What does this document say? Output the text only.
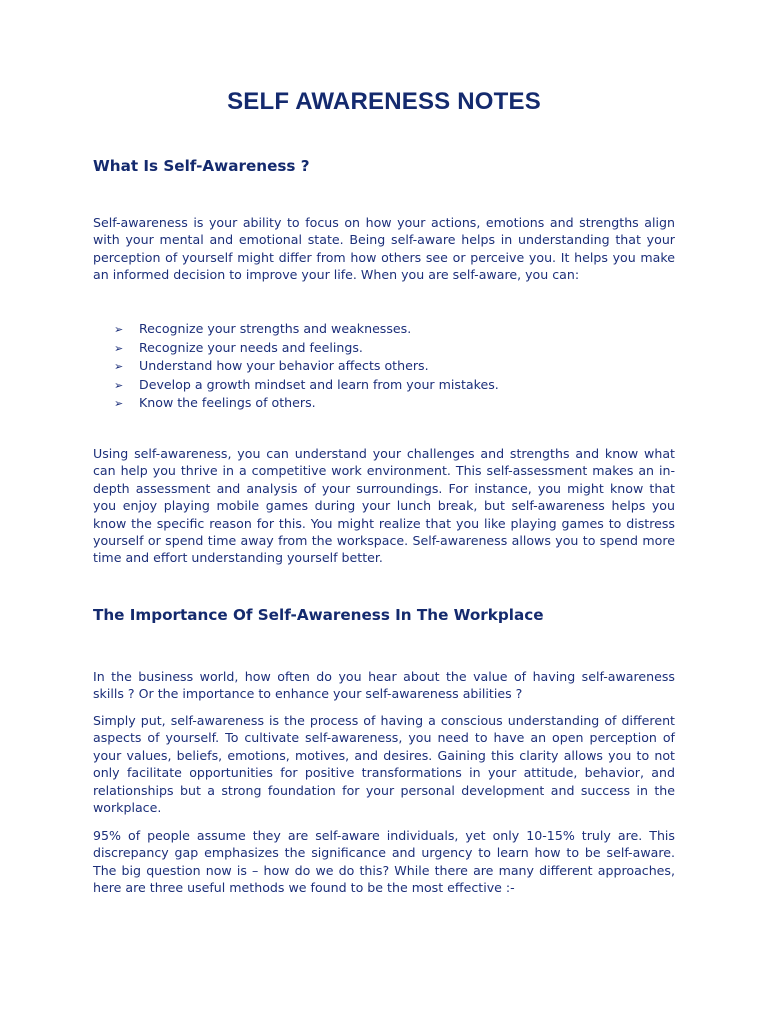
SELF AWARENESS NOTES
What Is Self-Awareness ?

Self-awareness is your ability to focus on how your actions, emotions and strengths align with your mental and emotional state. Being self-aware helps in understanding that your perception of yourself might differ from how others see or perceive you. It helps you make an informed decision to improve your life. When you are self-aware, you can:

➢	Recognize your strengths and weaknesses.
➢	Recognize your needs and feelings.
➢	Understand how your behavior affects others.
➢	Develop a growth mindset and learn from your mistakes.
➢	Know the feelings of others.

Using self-awareness, you can understand your challenges and strengths and know what can help you thrive in a competitive work environment. This self-assessment makes an in-depth assessment and analysis of your surroundings. For instance, you might know that you enjoy playing mobile games during your lunch break, but self-awareness helps you know the specific reason for this. You might realize that you like playing games to distress yourself or spend time away from the workspace. Self-awareness allows you to spend more time and effort understanding yourself better.

The Importance Of Self-Awareness In The Workplace

In the business world, how often do you hear about the value of having self-awareness skills ? Or the importance to enhance your self-awareness abilities ?

Simply put, self-awareness is the process of having a conscious understanding of different aspects of yourself. To cultivate self-awareness, you need to have an open perception of your values, beliefs, emotions, motives, and desires. Gaining this clarity allows you to not only facilitate opportunities for positive transformations in your attitude, behavior, and relationships but a strong foundation for your personal development and success in the workplace.

95% of people assume they are self-aware individuals, yet only 10-15% truly are. This discrepancy gap emphasizes the significance and urgency to learn how to be self-aware. The big question now is – how do we do this? While there are many different approaches, here are three useful methods we found to be the most effective :-
